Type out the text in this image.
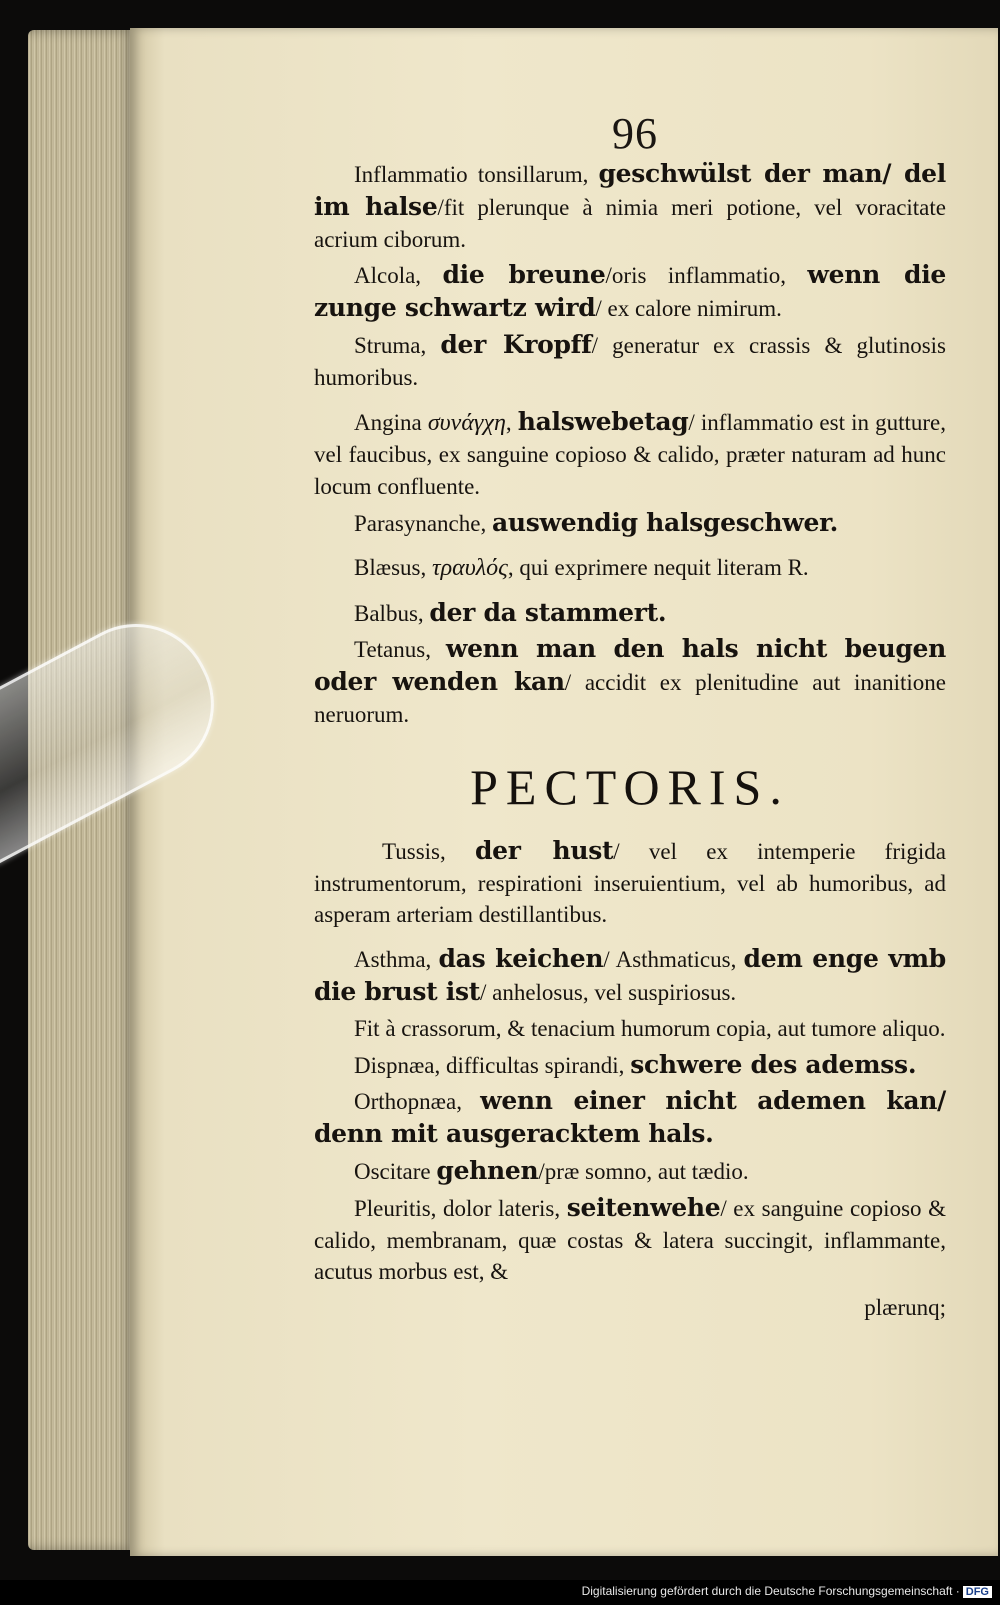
96

Inflammatio tonsillarum, geschwülst der man/ del im halse/fit plerunque à nimia meri potione, vel voracitate acrium ciborum.

Alcola, die breune/oris inflammatio, wenn die zunge schwartz wird/ ex calore nimirum.

Struma, der Kropff/ generatur ex crassis & glutinosis humoribus.

Angina συνάγχη, halswebetag/ inflammatio est in gutture, vel faucibus, ex sanguine copioso & calido, præter naturam ad hunc locum confluente.

Parasynanche, auswendig halsgeschwer.

Blæsus, τραυλός, qui exprimere nequit literam R.

Balbus, der da stammert.

Tetanus, wenn man den hals nicht beugen oder wenden kan/ accidit ex plenitudine aut inanitione neruorum.

PECTORIS.

Tussis, der hust/ vel ex intemperie frigida instrumentorum, respirationi inseruientium, vel ab humoribus, ad asperam arteriam destillantibus.

Asthma, das keichen/ Asthmaticus, dem enge vmb die brust ist/ anhelosus, vel suspiriosus.

Fit à crassorum, & tenacium humorum copia, aut tumore aliquo.

Dispnæa, difficultas spirandi, schwere des ademss.

Orthopnæa, wenn einer nicht ademen kan/ denn mit ausgeracktem hals.

Oscitare gehnen/præ somno, aut tædio.

Pleuritis, dolor lateris, seitenwehe/ ex sanguine copioso & calido, membranam, quæ costas & latera succingit, inflammante, acutus morbus est, &

plærunq;

Digitalisierung gefördert durch die Deutsche Forschungsgemeinschaft · DFG
